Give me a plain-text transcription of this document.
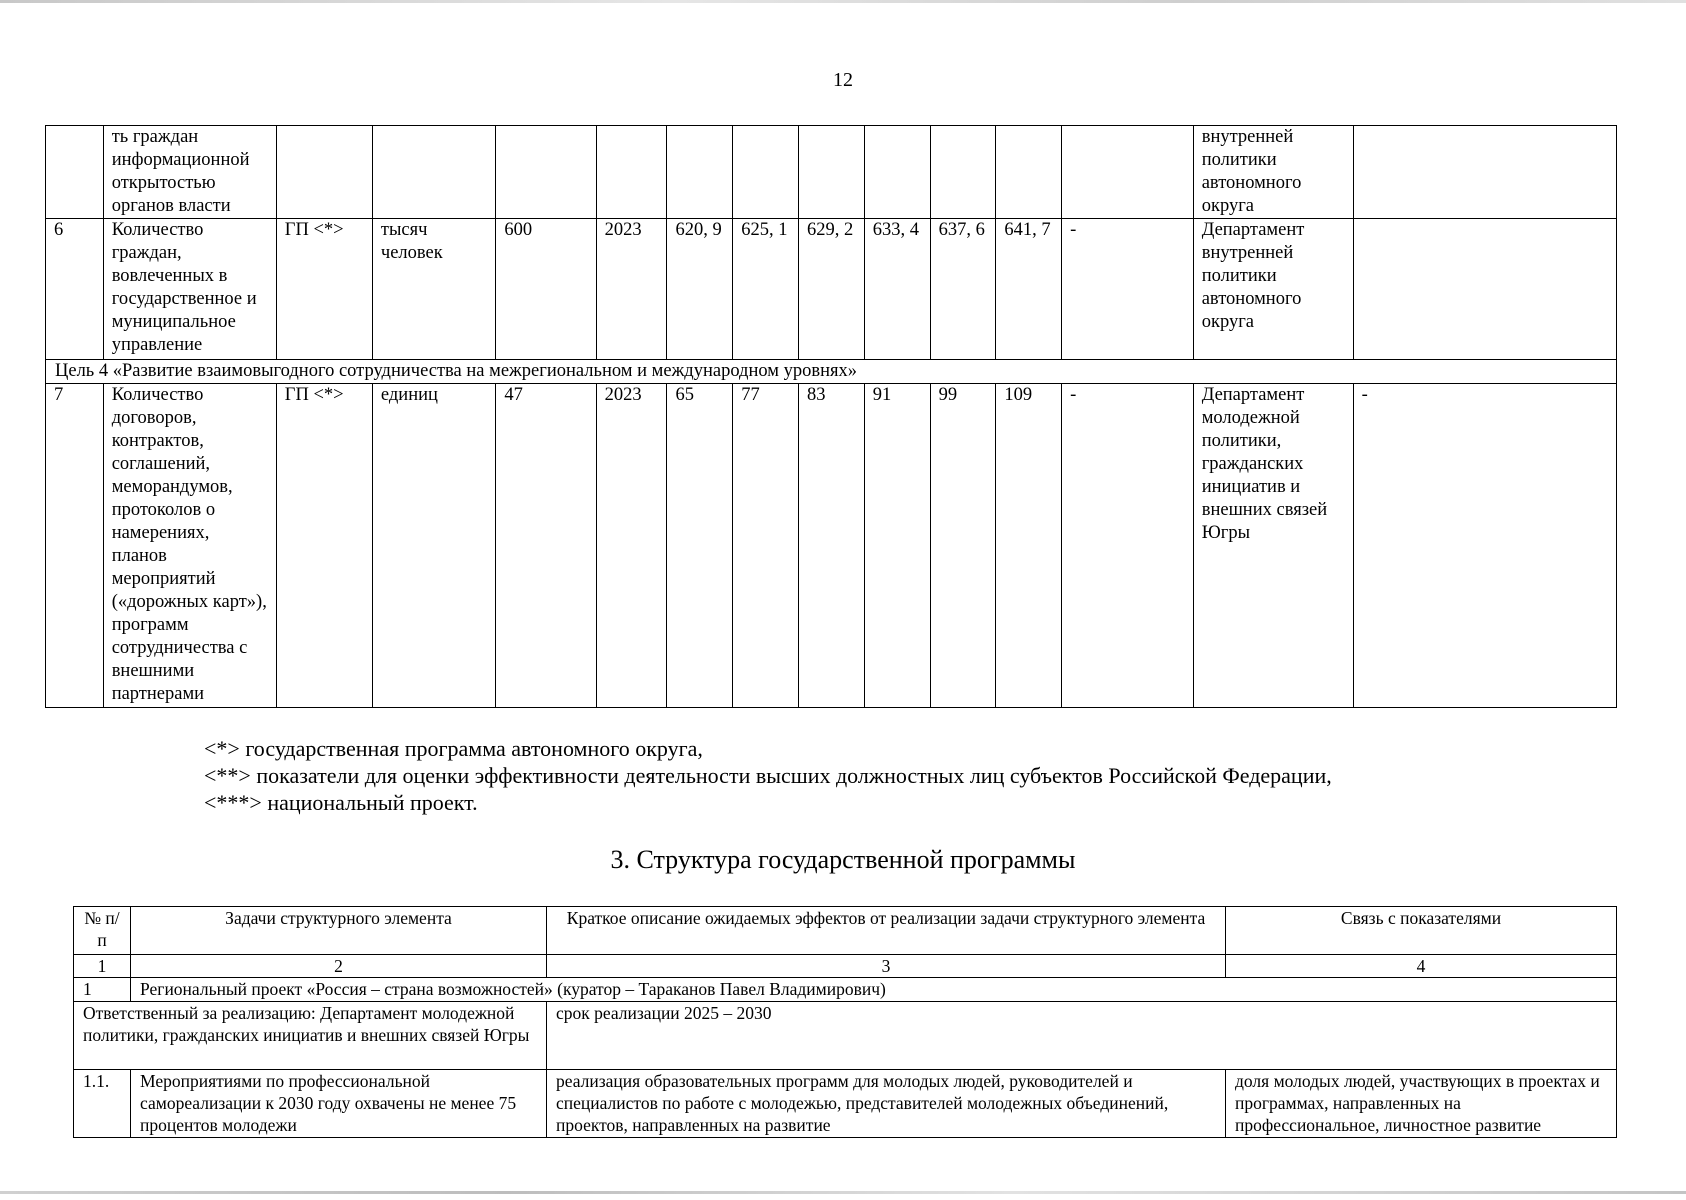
12
	ть граждан информационной открытостью органов власти												внутренней политики автономного округа	
6	Количество граждан, вовлеченных в государственное и муниципальное управление	ГП <*>	тысяч человек	600	2023	620, 9	625, 1	629, 2	633, 4	637, 6	641, 7	-	Департамент внутренней политики автономного округа	
Цель 4 «Развитие взаимовыгодного сотрудничества на межрегиональном и международном уровнях»														
7	Количество договоров, контрактов, соглашений, меморандумов, протоколов о намерениях, планов мероприятий («дорожных карт»), программ сотрудничества с внешними партнерами	ГП <*>	единиц	47	2023	65	77	83	91	99	109	-	Департамент молодежной политики, гражданских инициатив и внешних связей Югры	-
<*> государственная программа автономного округа,
<**> показатели для оценки эффективности деятельности высших должностных лиц субъектов Российской Федерации,
<***> национальный проект.
3. Структура государственной программы
№ п/п	Задачи структурного элемента	Краткое описание ожидаемых эффектов от реализации задачи структурного элемента	Связь с показателями
1	2	3	4
1	Региональный проект «Россия – страна возможностей» (куратор – Тараканов Павел Владимирович)		
Ответственный за реализацию: Департамент молодежной политики, гражданских инициатив и внешних связей Югры		срок реализации 2025 – 2030	
1.1.	Мероприятиями по профессиональной самореализации к 2030 году охвачены не менее 75 процентов молодежи	реализация образовательных программ для молодых людей, руководителей и специалистов по работе с молодежью, представителей молодежных объединений, проектов, направленных на развитие	доля молодых людей, участвующих в проектах и программах, направленных на профессиональное, личностное развитие
